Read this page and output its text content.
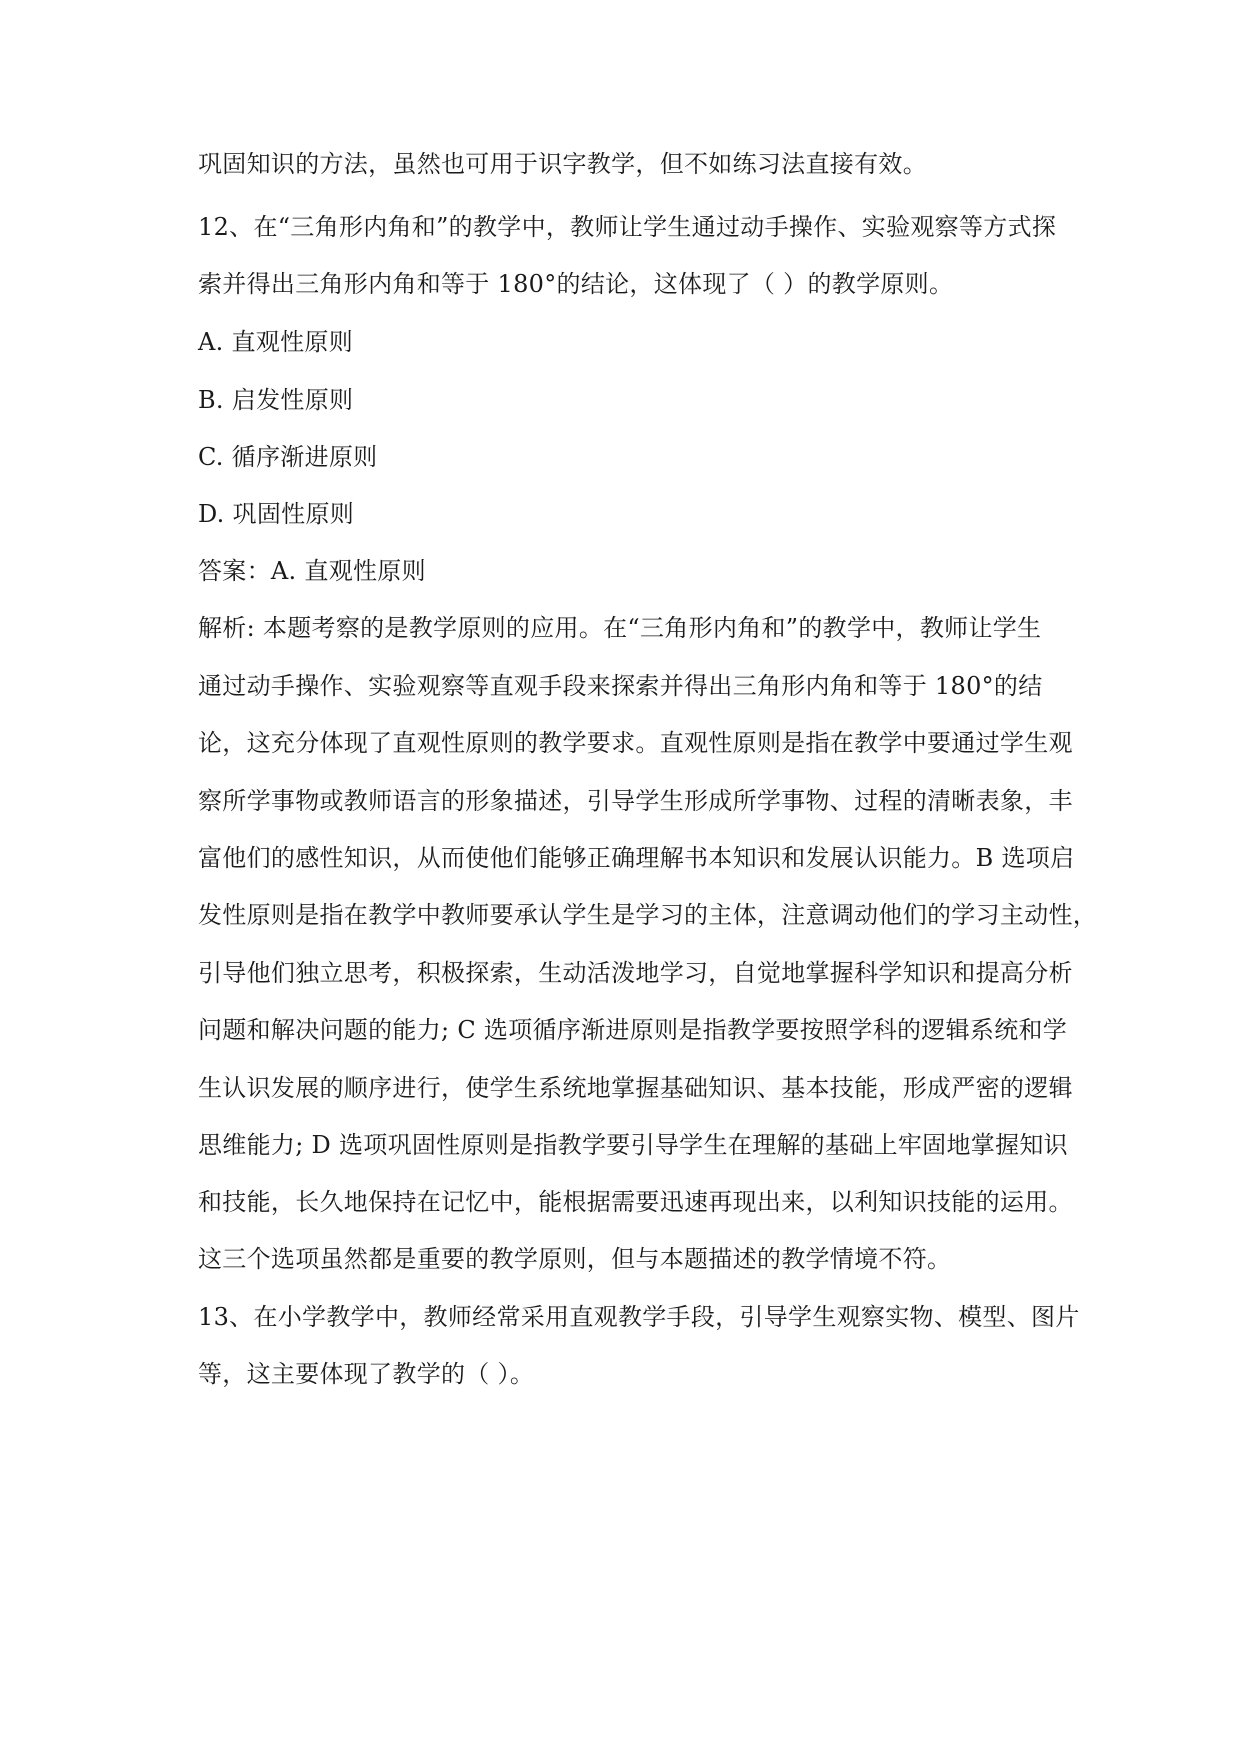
巩固知识的方法，虽然也可用于识字教学，但不如练习法直接有效。
12、在“三角形内角和”的教学中，教师让学生通过动手操作、实验观察等方式探
索并得出三角形内角和等于 180°的结论，这体现了（ ）的教学原则。
A. 直观性原则
B. 启发性原则
C. 循序渐进原则
D. 巩固性原则
答案：A. 直观性原则
解析: 本题考察的是教学原则的应用。在“三角形内角和”的教学中，教师让学生
通过动手操作、实验观察等直观手段来探索并得出三角形内角和等于 180°的结
论，这充分体现了直观性原则的教学要求。直观性原则是指在教学中要通过学生观
察所学事物或教师语言的形象描述，引导学生形成所学事物、过程的清晰表象，丰
富他们的感性知识，从而使他们能够正确理解书本知识和发展认识能力。B 选项启
发性原则是指在教学中教师要承认学生是学习的主体，注意调动他们的学习主动性，
引导他们独立思考，积极探索，生动活泼地学习，自觉地掌握科学知识和提高分析
问题和解决问题的能力; C 选项循序渐进原则是指教学要按照学科的逻辑系统和学
生认识发展的顺序进行，使学生系统地掌握基础知识、基本技能，形成严密的逻辑
思维能力; D 选项巩固性原则是指教学要引导学生在理解的基础上牢固地掌握知识
和技能，长久地保持在记忆中，能根据需要迅速再现出来，以利知识技能的运用。
这三个选项虽然都是重要的教学原则，但与本题描述的教学情境不符。
13、在小学教学中，教师经常采用直观教学手段，引导学生观察实物、模型、图片
等，这主要体现了教学的（ ）。
